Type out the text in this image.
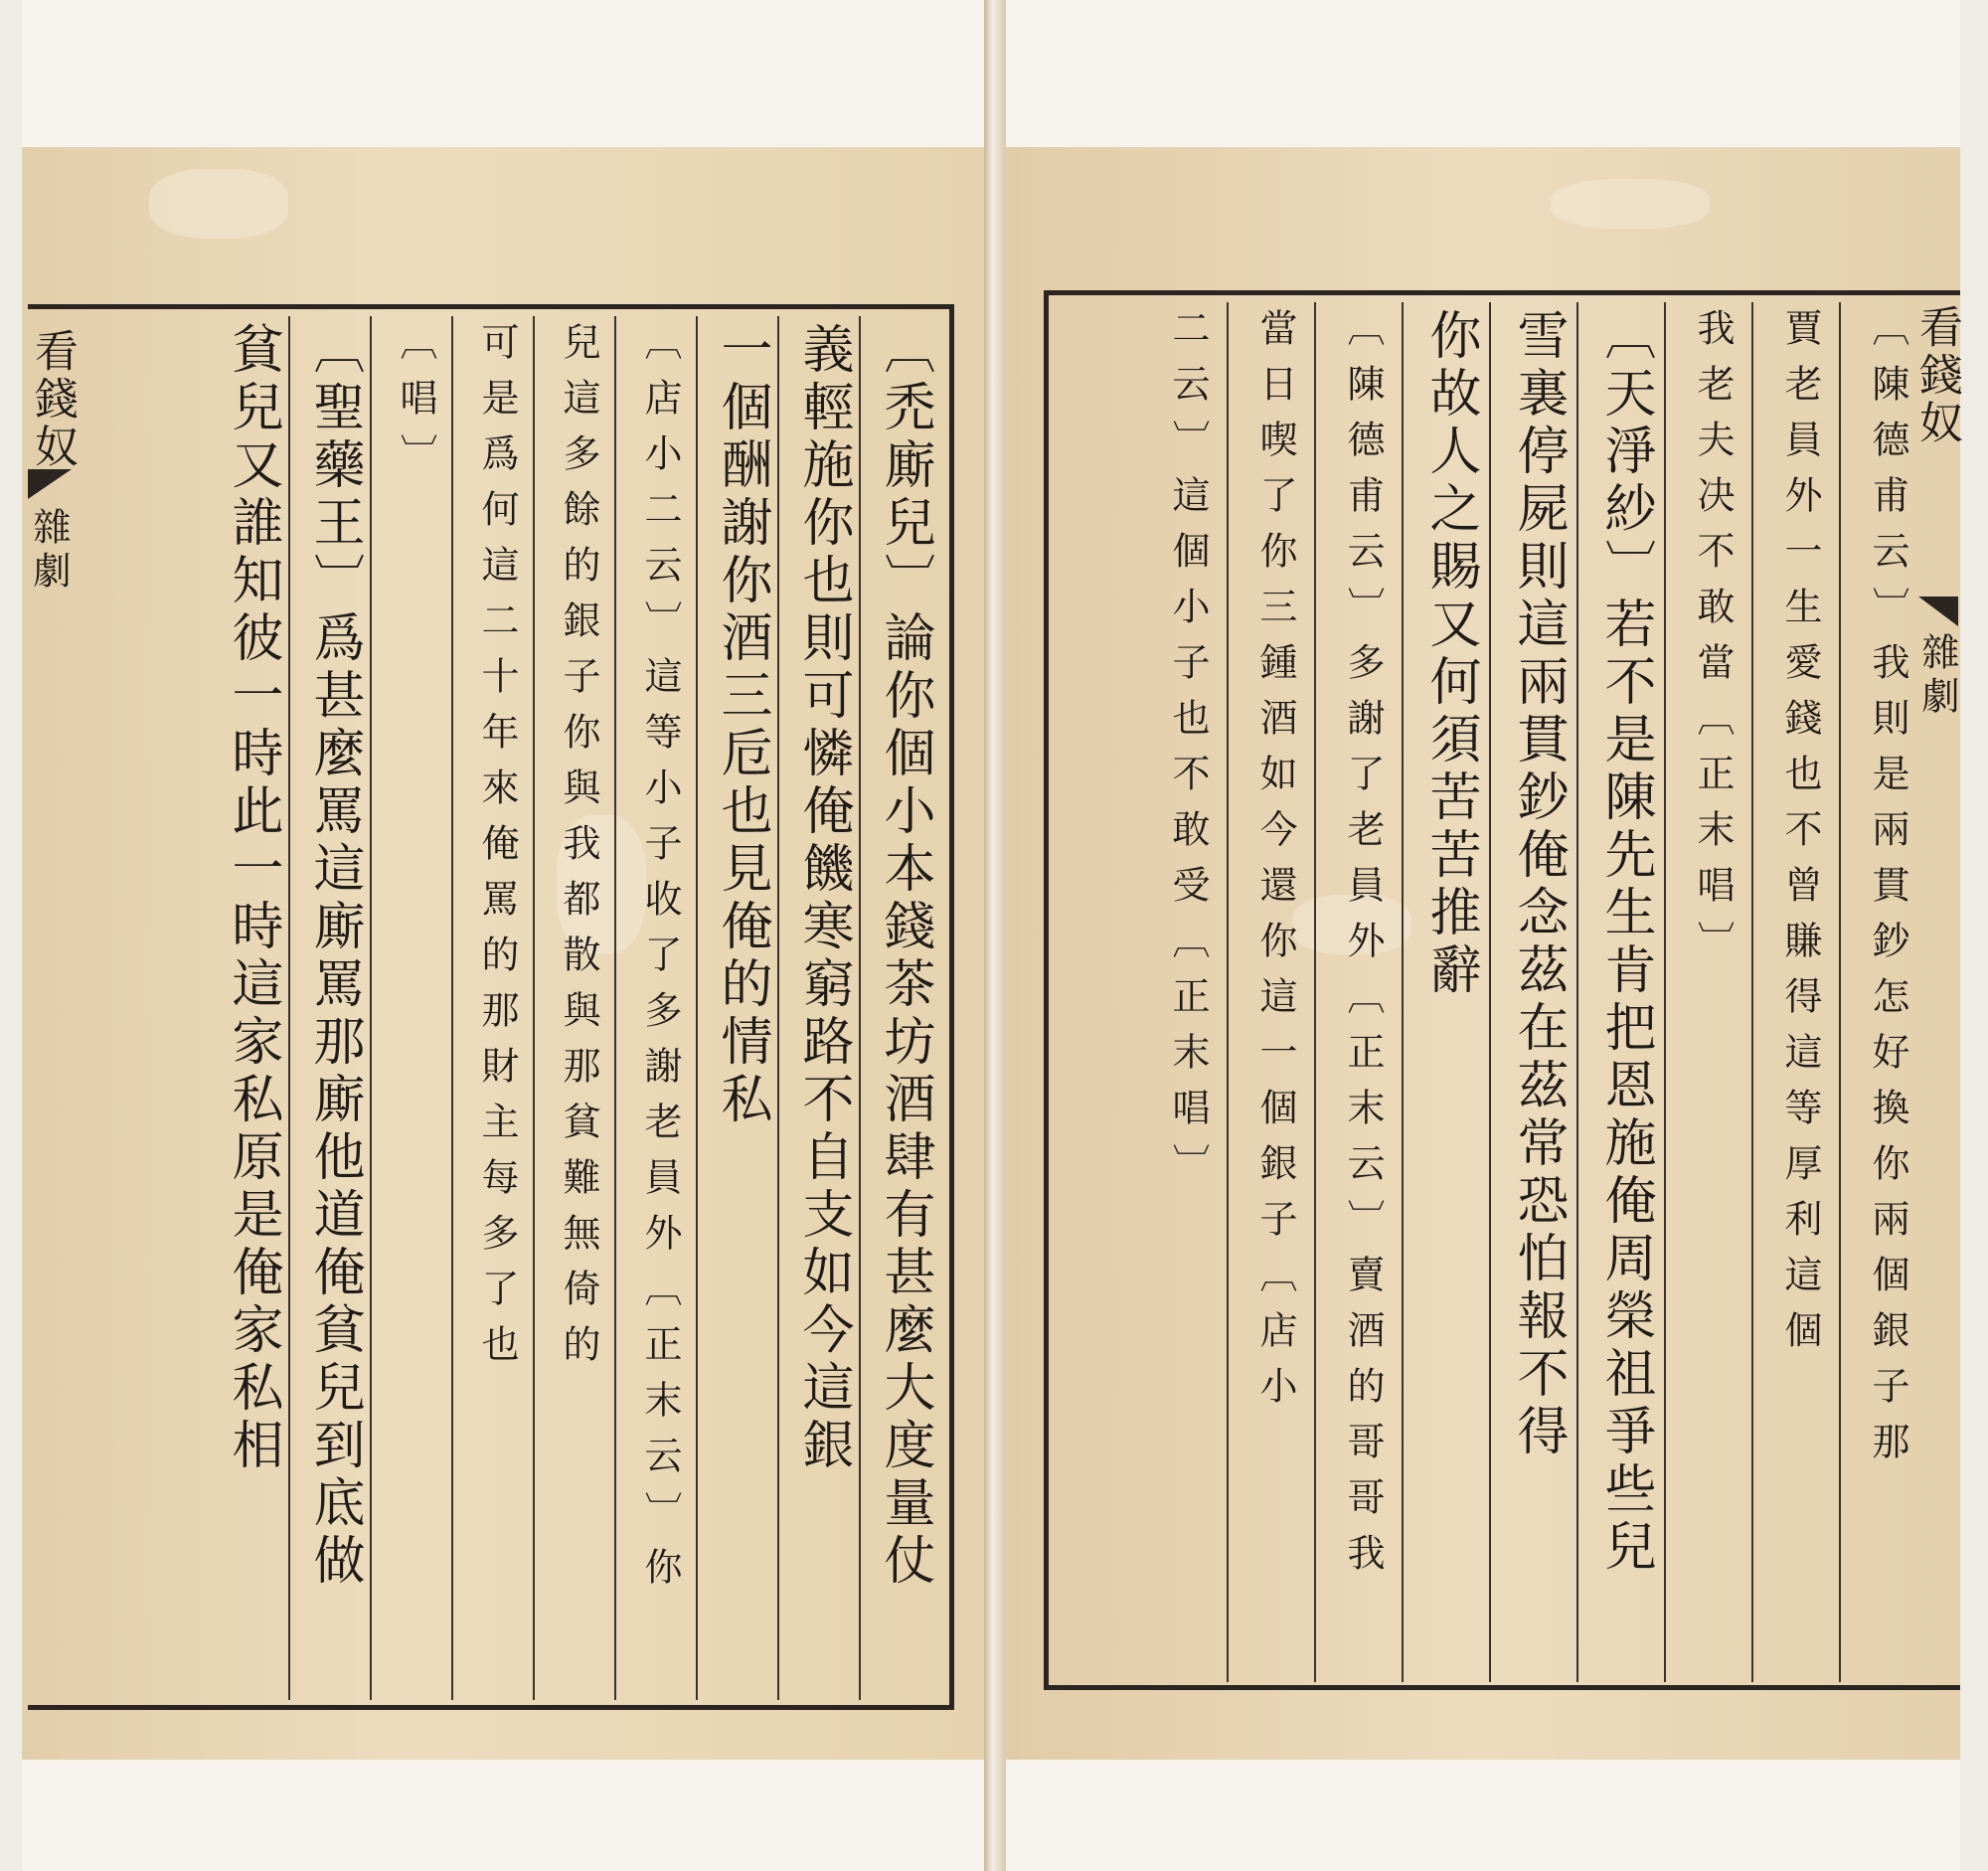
〔禿廝兒〕論你個小本錢茶坊酒肆有甚麼大度量仗
義輕施你也則可憐俺饑寒窮路不自支如今這銀
一個酬謝你酒三卮也見俺的情私
〔店小二云〕這等小子收了多謝老員外〔正末云〕你
兒這多餘的銀子你與我都散與那貧難無倚的
可是爲何這二十年來俺罵的那財主每多了也
〔唱〕
〔聖藥王〕爲甚麼罵這廝罵那廝他道俺貧兒到底做
貧兒又誰知彼一時此一時這家私原是俺家私相
看錢奴
雜劇	〔陳德甫云〕我則是兩貫鈔怎好換你兩個銀子那
賈老員外一生愛錢也不曾賺得這等厚利這個
我老夫决不敢當〔正末唱〕
〔天淨紗〕若不是陳先生肯把恩施俺周榮祖爭些兒
雪裏停屍則這兩貫鈔俺念茲在茲常恐怕報不得
你故人之賜又何須苦苦推辭
〔陳德甫云〕多謝了老員外〔正末云〕賣酒的哥哥我
當日喫了你三鍾酒如今還你這一個銀子〔店小
二云〕這個小子也不敢受〔正末唱〕	看錢奴
雜劇
